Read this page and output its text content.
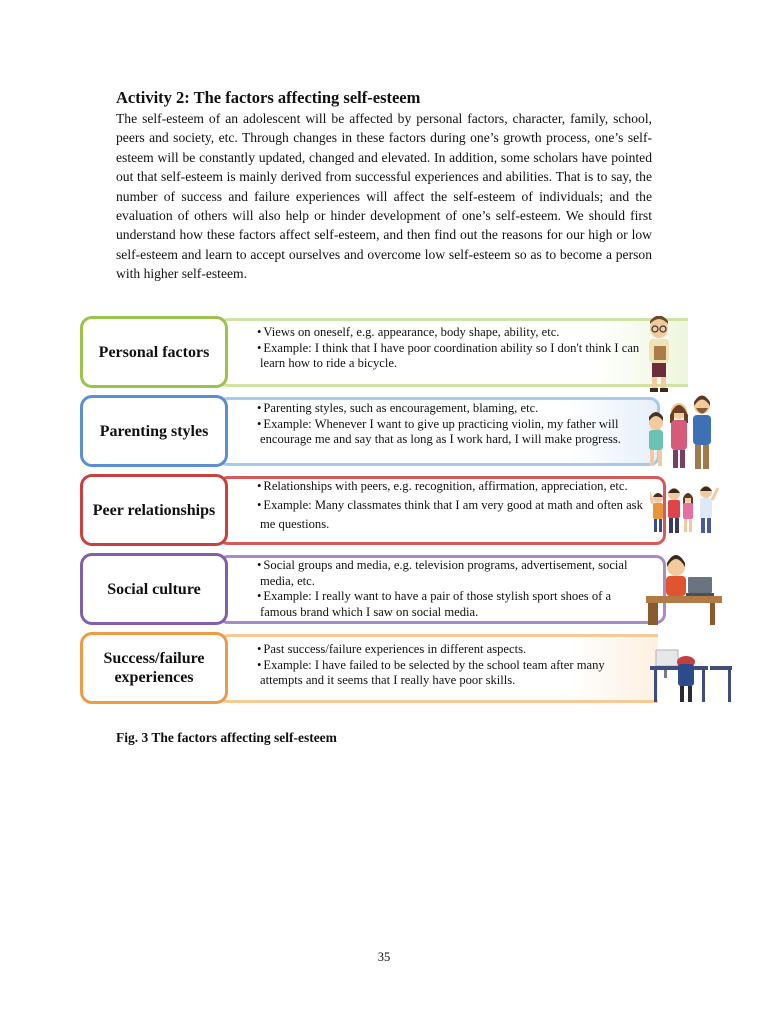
Activity 2: The factors affecting self-esteem

The self-esteem of an adolescent will be affected by personal factors, character, family, school, peers and society, etc. Through changes in these factors during one’s growth process, one’s self-esteem will be constantly updated, changed and elevated. In addition, some scholars have pointed out that self-esteem is mainly derived from successful experiences and abilities. That is to say, the number of success and failure experiences will affect the self-esteem of individuals; and the evaluation of others will also help or hinder development of one’s self-esteem. We should first understand how these factors affect self-esteem, and then find out the reasons for our high or low self-esteem and learn to accept ourselves and overcome low self-esteem so as to become a person with higher self-esteem.

Personal factors
• Views on oneself, e.g. appearance, body shape, ability, etc.
• Example: I think that I have poor coordination ability so I don't think I can learn how to ride a bicycle.
Parenting styles
• Parenting styles, such as encouragement, blaming, etc.
• Example: Whenever I want to give up practicing violin, my father will encourage me and say that as long as I work hard, I will make progress.
Peer relationships
• Relationships with peers, e.g. recognition, affirmation, appreciation, etc.
• Example: Many classmates think that I am very good at math and often ask me questions.
Social culture
• Social groups and media, e.g. television programs, advertisement, social media, etc.
• Example: I really want to have a pair of those stylish sport shoes of a famous brand which I saw on social media.
Success/failure experiences
• Past success/failure experiences in different aspects.
• Example: I have failed to be selected by the school team after many attempts and it seems that I really have poor skills.

Fig. 3 The factors affecting self-esteem

35
